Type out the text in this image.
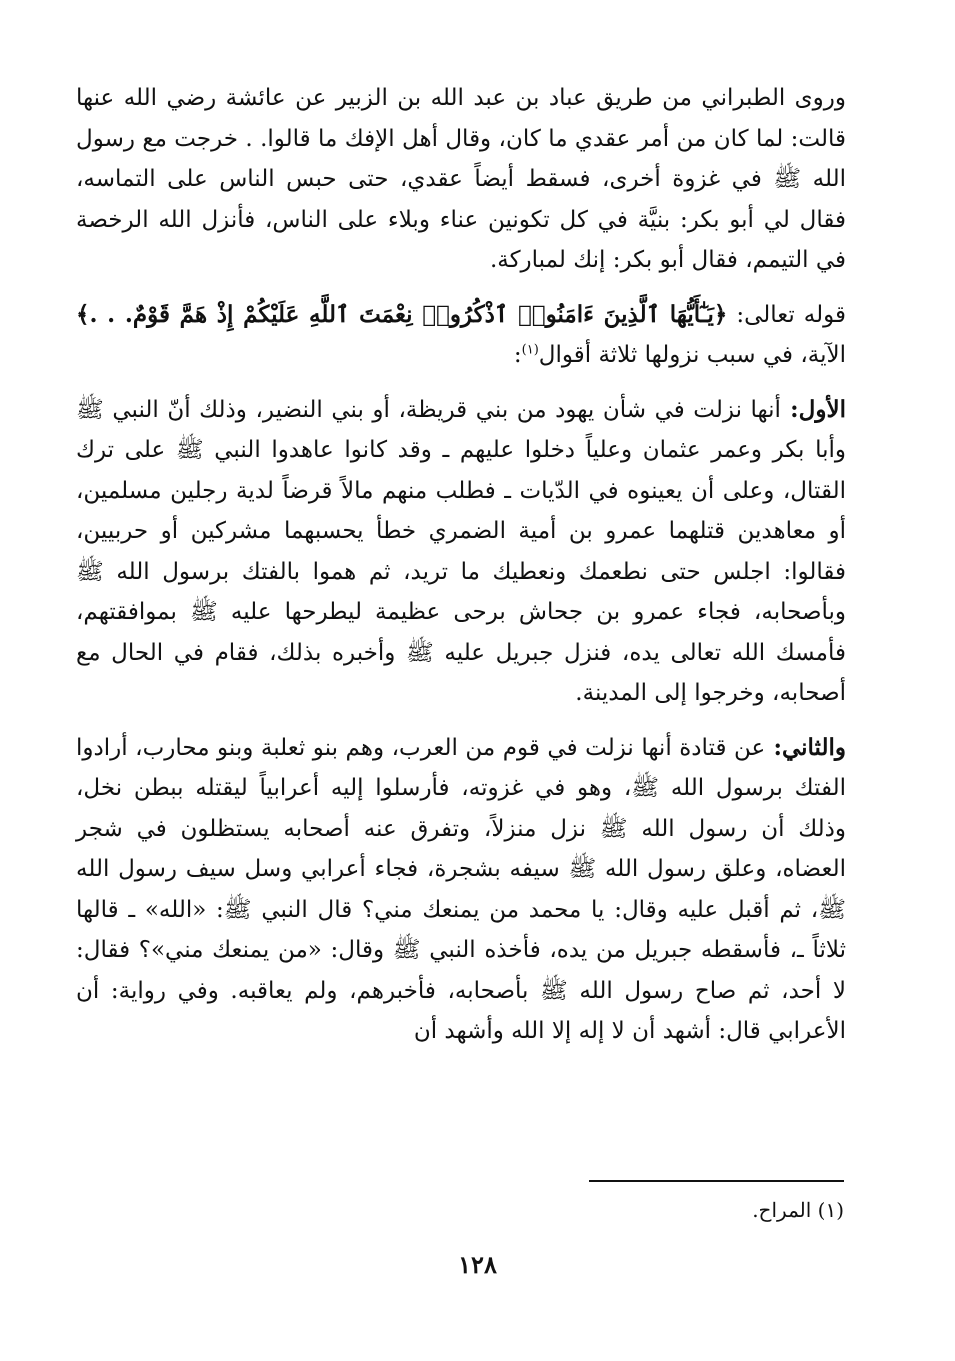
وروى الطبراني من طريق عباد بن عبد الله بن الزبير عن عائشة رضي الله عنها قالت: لما كان من أمر عقدي ما كان، وقال أهل الإفك ما قالوا. . خرجت مع رسول الله ﷺ في غزوة أخرى، فسقط أيضاً عقدي، حتى حبس الناس على التماسه، فقال لي أبو بكر: بنيَّة في كل تكونين عناء وبلاء على الناس، فأنزل الله الرخصة في التيمم، فقال أبو بكر: إنك لمباركة.

قوله تعالى: ﴿يَـٰٓأَيُّهَا ٱلَّذِينَ ءَامَنُوا۟ ٱذْكُرُوا۟ نِعْمَتَ ٱللَّهِ عَلَيْكُمْ إِذْ هَمَّ قَوْمٌ. . .﴾ الآية، في سبب نزولها ثلاثة أقوال$^{(١)}$:

الأول: أنها نزلت في شأن يهود من بني قريظة، أو بني النضير، وذلك أنّ النبي ﷺ وأبا بكر وعمر عثمان وعلياً دخلوا عليهم ـ وقد كانوا عاهدوا النبي ﷺ على ترك القتال، وعلى أن يعينوه في الدّيات ـ فطلب منهم مالاً قرضاً لدية رجلين مسلمين، أو معاهدين قتلهما عمرو بن أمية الضمري خطأ يحسبهما مشركين أو حربيين، فقالوا: اجلس حتى نطعمك ونعطيك ما تريد، ثم هموا بالفتك برسول الله ﷺ وبأصحابه، فجاء عمرو بن جحاش برحى عظيمة ليطرحها عليه ﷺ بموافقتهم، فأمسك الله تعالى يده، فنزل جبريل عليه ﷺ وأخبره بذلك، فقام في الحال مع أصحابه، وخرجوا إلى المدينة.

والثاني: عن قتادة أنها نزلت في قوم من العرب، وهم بنو ثعلبة وبنو محارب، أرادوا الفتك برسول الله ﷺ، وهو في غزوته، فأرسلوا إليه أعرابياً ليقتله ببطن نخل، وذلك أن رسول الله ﷺ نزل منزلاً، وتفرق عنه أصحابه يستظلون في شجر العضاه، وعلق رسول الله ﷺ سيفه بشجرة، فجاء أعرابي وسل سيف رسول الله ﷺ، ثم أقبل عليه وقال: يا محمد من يمنعك مني؟ قال النبي ﷺ: «الله» ـ قالها ثلاثاً ـ، فأسقطه جبريل من يده، فأخذه النبي ﷺ وقال: «من يمنعك مني»؟ فقال: لا أحد، ثم صاح رسول الله ﷺ بأصحابه، فأخبرهم، ولم يعاقبه. وفي رواية: أن الأعرابي قال: أشهد أن لا إله إلا الله وأشهد أن

(١) المراح.
١٢٨
